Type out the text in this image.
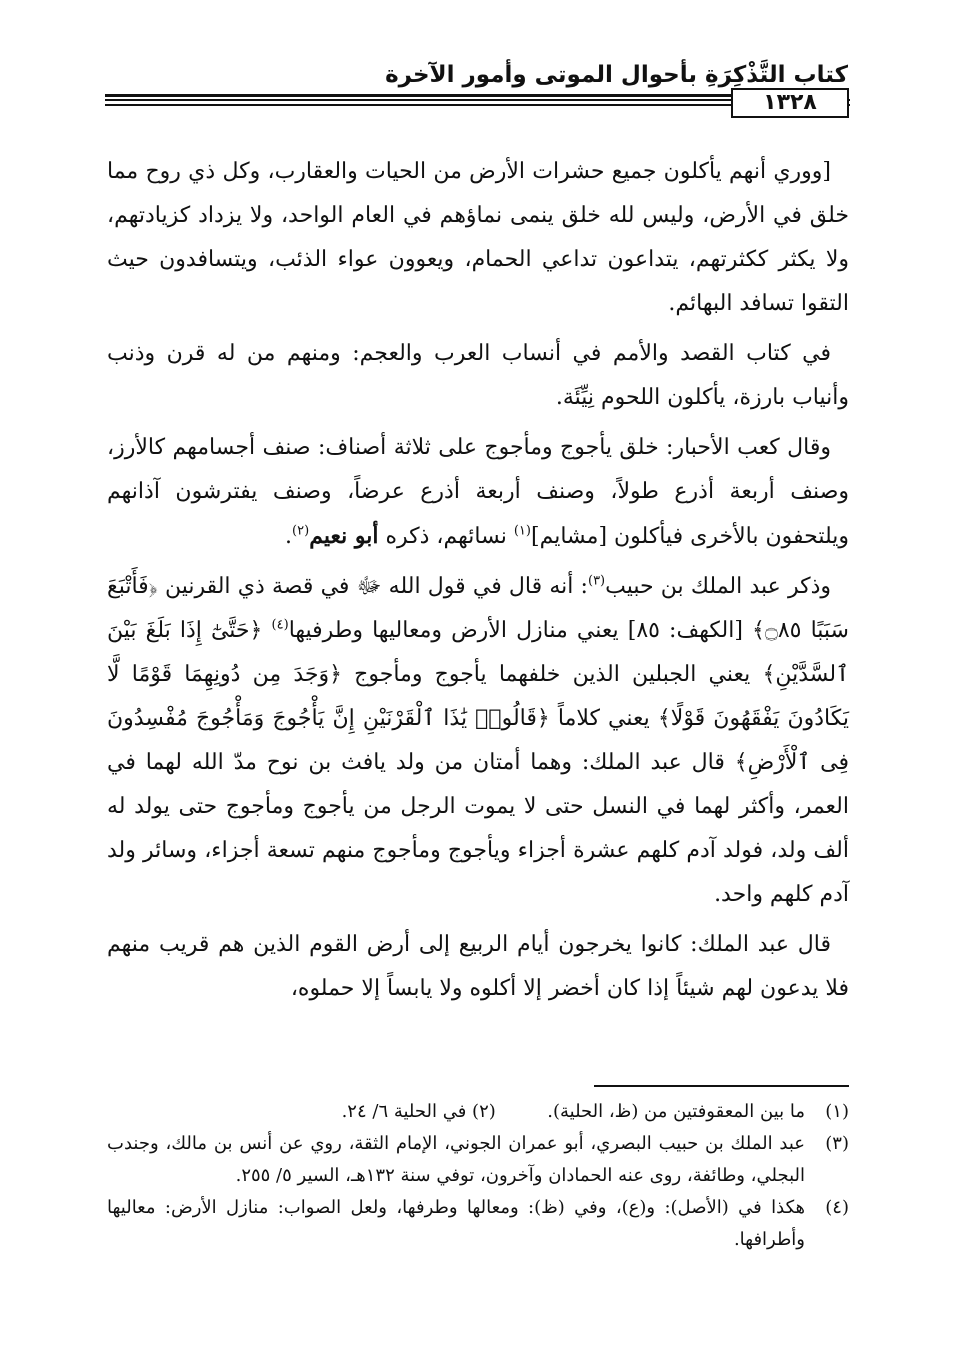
كتاب التَّذْكِرَةِ بأحوال الموتى وأمور الآخرة
١٣٢٨

[ووري أنهم يأكلون جميع حشرات الأرض من الحيات والعقارب، وكل ذي روح مما خلق في الأرض، وليس لله خلق ينمى نماؤهم في العام الواحد، ولا يزداد كزيادتهم، ولا يكثر ككثرتهم، يتداعون تداعي الحمام، ويعوون عواء الذئب، ويتسافدون حيث التقوا تسافد البهائم.

في كتاب القصد والأمم في أنساب العرب والعجم: ومنهم من له قرن وذنب وأنياب بارزة، يأكلون اللحوم نِيِّئَة.

وقال كعب الأحبار: خلق يأجوج ومأجوج على ثلاثة أصناف: صنف أجسامهم كالأرز، وصنف أربعة أذرع طولاً، وصنف أربعة أذرع عرضاً، وصنف يفترشون آذانهم ويلتحفون بالأخرى فيأكلون [مشايم]$^{(١)}$ نسائهم، ذكره أبو نعيم$^{(٢)}$.

وذكر عبد الملك بن حبيب$^{(٣)}$: أنه قال في قول الله ﷻ في قصة ذي القرنين ﴿فَأَتْبَعَ سَبَبًا ۝٨٥﴾ [الكهف: ٨٥] يعني منازل الأرض ومعاليها وطرفيها$^{(٤)}$ ﴿حَتَّىٰٓ إِذَا بَلَغَ بَيْنَ ٱلسَّدَّيْنِ﴾ يعني الجبلين الذين خلفهما يأجوج ومأجوج ﴿وَجَدَ مِن دُونِهِمَا قَوْمًا لَّا يَكَادُونَ يَفْقَهُونَ قَوْلًا﴾ يعني كلاماً ﴿قَالُوا۟ يَٰذَا ٱلْقَرْنَيْنِ إِنَّ يَأْجُوجَ وَمَأْجُوجَ مُفْسِدُونَ فِى ٱلْأَرْضِ﴾ قال عبد الملك: وهما أمتان من ولد يافث بن نوح مدّ الله لهما في العمر، وأكثر لهما في النسل حتى لا يموت الرجل من يأجوج ومأجوج حتى يولد له ألف ولد، فولد آدم كلهم عشرة أجزاء ويأجوج ومأجوج منهم تسعة أجزاء، وسائر ولد آدم كلهم واحد.

قال عبد الملك: كانوا يخرجون أيام الربيع إلى أرض القوم الذين هم قريب منهم فلا يدعون لهم شيئاً إذا كان أخضر إلا أكلوه ولا يابساً إلا حملوه،

(١)
ما بين المعقوفتين من (ظ، الحلية).  (٢) في الحلية ٦/ ٢٤.

(٣)
عبد الملك بن حبيب البصري، أبو عمران الجوني، الإمام الثقة، روي عن أنس بن مالك، وجندب البجلي، وطائفة، روى عنه الحمادان وآخرون، توفي سنة ١٣٢هـ، السير ٥/ ٢٥٥.

(٤)
هكذا في (الأصل): و(ع)، وفي (ظ): ومعالها وطرفها، ولعل الصواب: منازل الأرض: معاليها وأطرافها.
